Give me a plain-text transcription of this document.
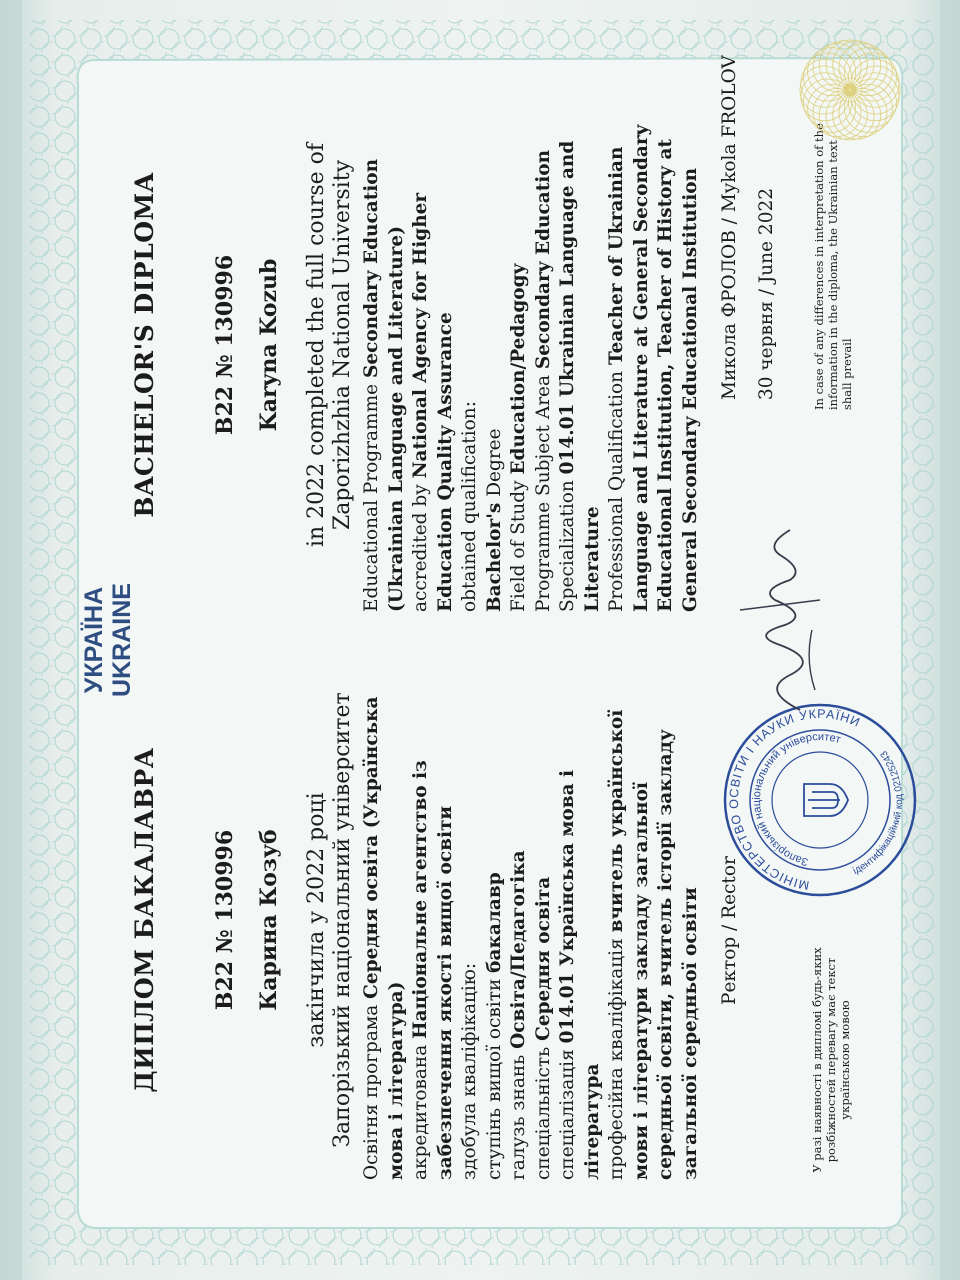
УКРАЇНА UKRAINE
ДИПЛОМ БАКАЛАВРА B22 № 130996 Карина Козуб закінчила у 2022 році Запорізький національний університет Освітня програма Середня освіта (Українська мова і література) акредитована Національне агентство із забезпечення якості вищої освіти здобула кваліфікацію: ступінь вищої освіти бакалавр
галузь знань Освіта/Педагогіка
спеціальність Середня освіта
спеціалізація 014.01 Українська мова і література професійна кваліфікація вчитель української мови і літератури закладу загальної середньої освіти, вчитель історії закладу загальної середньої освіти Ректор / Rector
У разі наявності в дипломі будь-яких розбіжностей перевагу має текст українською мовою
МІНІСТЕРСТВО ОСВІТИ І НАУКИ УКРАЇНИ
Запорізький національний університет
ідентифікаційний код 02125243
BACHELOR'S DIPLOMA B22 № 130996 Karyna Kozub in 2022 completed the full course of Zaporizhzhia National University Educational Programme Secondary Education (Ukrainian Language and Literature) accredited by National Agency for Higher Education Quality Assurance obtained qualification: Bachelor's Degree
Field of Study Education/Pedagogy Programme Subject Area Secondary Education
Specialization 014.01 Ukrainian Language and Literature Professional Qualification Teacher of Ukrainian Language and Literature at General Secondary Educational Institution, Teacher of History at General Secondary Educational Institution Микола ФРОЛОВ / Mykola FROLOV 30 червня / June 2022	In case of any differences in interpretation of the information in the diploma, the Ukrainian text shall prevail
